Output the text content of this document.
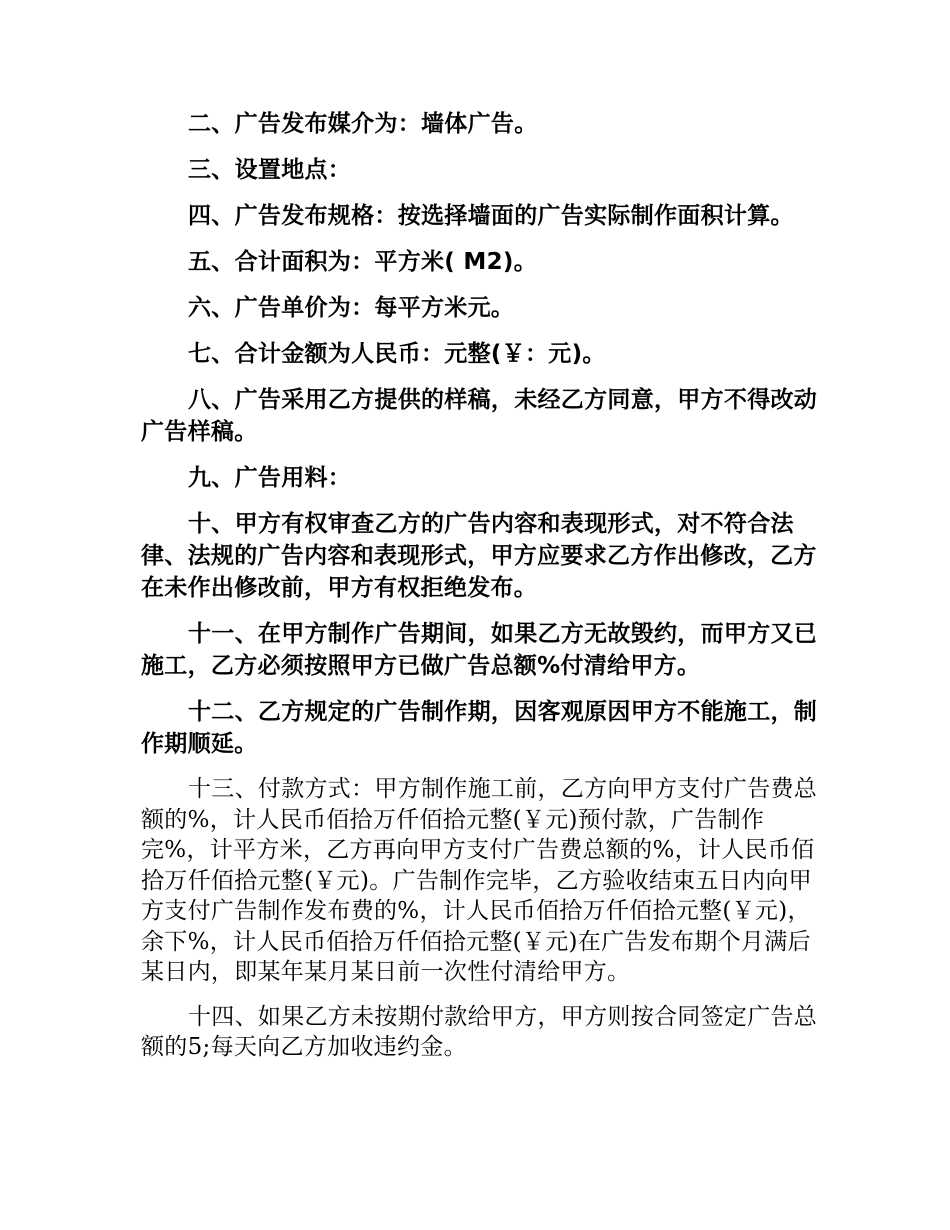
二、广告发布媒介为：墙体广告。

三、设置地点：

四、广告发布规格：按选择墙面的广告实际制作面积计算。

五、合计面积为：平方米( M2)。

六、广告单价为：每平方米元。

七、合计金额为人民币：元整(￥：元)。

八、广告采用乙方提供的样稿，未经乙方同意，甲方不得改动广告样稿。

九、广告用料：

十、甲方有权审查乙方的广告内容和表现形式，对不符合法律、法规的广告内容和表现形式，甲方应要求乙方作出修改，乙方在未作出修改前，甲方有权拒绝发布。

十一、在甲方制作广告期间，如果乙方无故毁约，而甲方又已施工，乙方必须按照甲方已做广告总额%付清给甲方。

十二、乙方规定的广告制作期，因客观原因甲方不能施工，制作期顺延。

十三、付款方式：甲方制作施工前，乙方向甲方支付广告费总额的%，计人民币佰拾万仟佰拾元整(￥元)预付款，广告制作完%，计平方米，乙方再向甲方支付广告费总额的%，计人民币佰拾万仟佰拾元整(￥元)。广告制作完毕，乙方验收结束五日内向甲方支付广告制作发布费的%，计人民币佰拾万仟佰拾元整(￥元)，余下%，计人民币佰拾万仟佰拾元整(￥元)在广告发布期个月满后某日内，即某年某月某日前一次性付清给甲方。

十四、如果乙方未按期付款给甲方，甲方则按合同签定广告总额的5;每天向乙方加收违约金。
